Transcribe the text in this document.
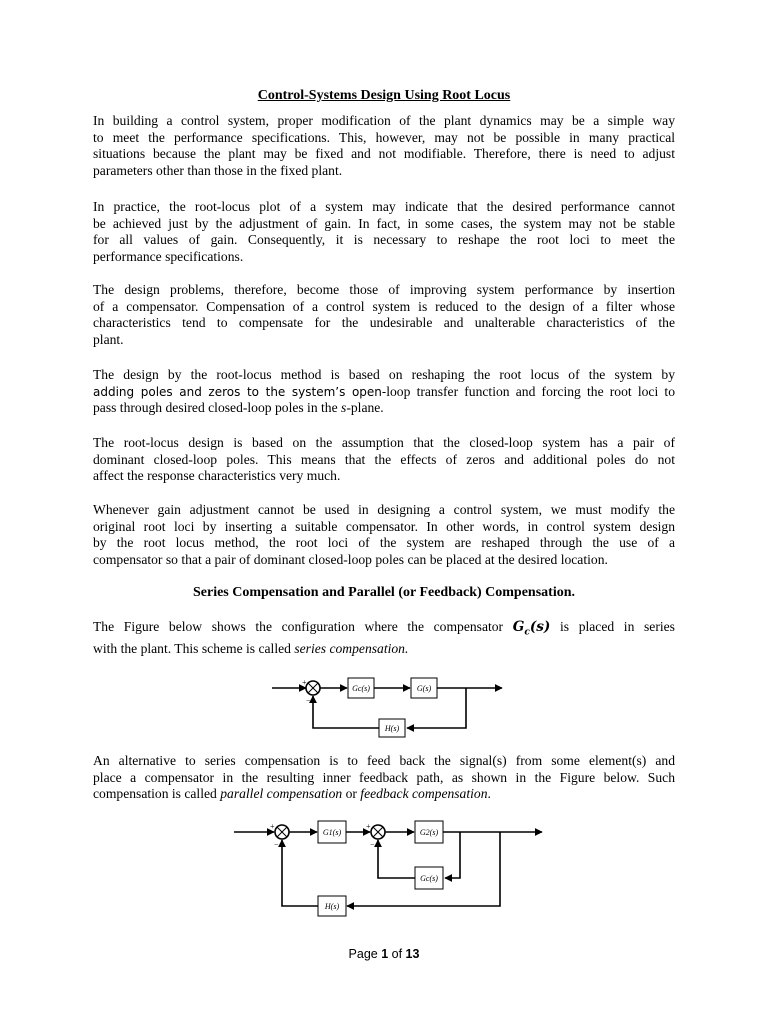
Control-Systems Design Using Root Locus

In building a control system, proper modification of the plant dynamics may be a simple way
to meet the performance specifications. This, however, may not be possible in many practical
situations because the plant may be fixed and not modifiable. Therefore, there is need to adjust
parameters other than those in the fixed plant.

In practice, the root-locus plot of a system may indicate that the desired performance cannot
be achieved just by the adjustment of gain. In fact, in some cases, the system may not be stable
for all values of gain. Consequently, it is necessary to reshape the root loci to meet the
performance specifications.

The design problems, therefore, become those of improving system performance by insertion
of a compensator. Compensation of a control system is reduced to the design of a filter whose
characteristics tend to compensate for the undesirable and unalterable characteristics of the
plant.

The design by the root-locus method is based on reshaping the root locus of the system by
adding poles and zeros to the system’s open-loop transfer function and forcing the root loci to
pass through desired closed-loop poles in the s-plane.

The root-locus design is based on the assumption that the closed-loop system has a pair of
dominant closed-loop poles. This means that the effects of zeros and additional poles do not
affect the response characteristics very much.

Whenever gain adjustment cannot be used in designing a control system, we must modify the
original root loci by inserting a suitable compensator. In other words, in control system design
by the root locus method, the root loci of the system are reshaped through the use of a
compensator so that a pair of dominant closed-loop poles can be placed at the desired location.

Series Compensation and Parallel (or Feedback) Compensation.

The Figure below shows the configuration where the compensator $G_c(s)$ is placed in series
with the plant. This scheme is called series compensation.

Gc(s)	G(s)
H(s)
+
−

An alternative to series compensation is to feed back the signal(s) from some element(s) and
place a compensator in the resulting inner feedback path, as shown in the Figure below. Such
compensation is called parallel compensation or feedback compensation.

G1(s)	G2(s)
Gc(s)
H(s)
+
−
+
−
Page 1 of 13
